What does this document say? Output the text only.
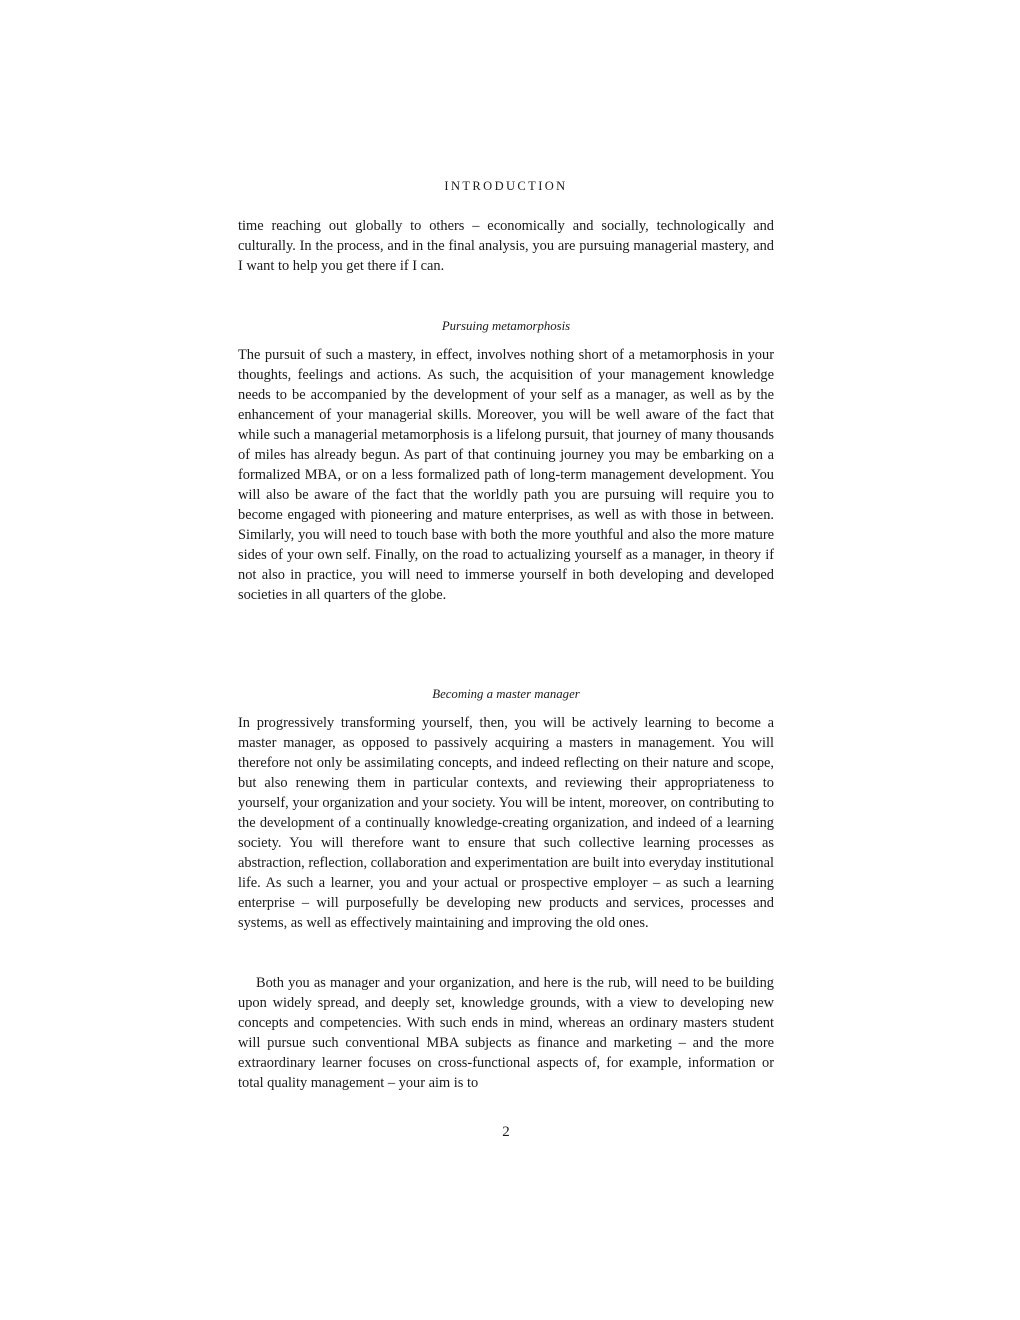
INTRODUCTION

time reaching out globally to others – economically and socially, technologically and culturally. In the process, and in the final analysis, you are pursuing managerial mastery, and I want to help you get there if I can.

Pursuing metamorphosis

The pursuit of such a mastery, in effect, involves nothing short of a metamorphosis in your thoughts, feelings and actions. As such, the acquisition of your management knowledge needs to be accompanied by the development of your self as a manager, as well as by the enhancement of your managerial skills. Moreover, you will be well aware of the fact that while such a managerial metamorphosis is a lifelong pursuit, that journey of many thousands of miles has already begun. As part of that continuing journey you may be embarking on a formalized MBA, or on a less formalized path of long-term management development. You will also be aware of the fact that the worldly path you are pursuing will require you to become engaged with pioneering and mature enterprises, as well as with those in between. Similarly, you will need to touch base with both the more youthful and also the more mature sides of your own self. Finally, on the road to actualizing yourself as a manager, in theory if not also in practice, you will need to immerse yourself in both developing and developed societies in all quarters of the globe.

Becoming a master manager

In progressively transforming yourself, then, you will be actively learning to become a master manager, as opposed to passively acquiring a masters in management. You will therefore not only be assimilating concepts, and indeed reflecting on their nature and scope, but also renewing them in particular contexts, and reviewing their appropriateness to yourself, your organization and your society. You will be intent, moreover, on contributing to the development of a continually knowledge-creating organization, and indeed of a learning society. You will therefore want to ensure that such collective learning processes as abstraction, reflection, collaboration and experimentation are built into everyday institutional life. As such a learner, you and your actual or prospective employer – as such a learning enterprise – will purposefully be developing new products and services, processes and systems, as well as effectively maintaining and improving the old ones.

Both you as manager and your organization, and here is the rub, will need to be building upon widely spread, and deeply set, knowledge grounds, with a view to developing new concepts and competencies. With such ends in mind, whereas an ordinary masters student will pursue such conventional MBA subjects as finance and marketing – and the more extraordinary learner focuses on cross-functional aspects of, for example, information or total quality management – your aim is to

2
